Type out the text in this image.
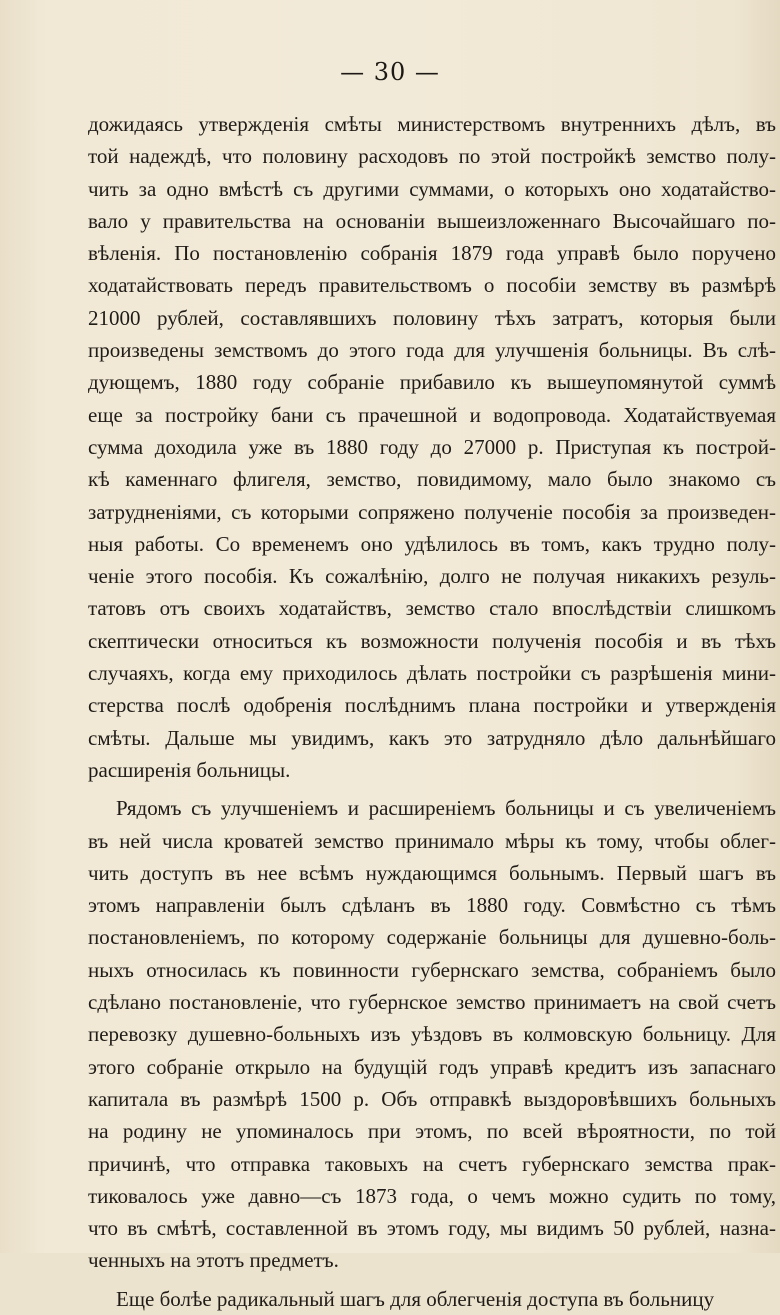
— 30 —
дожидаясь утвержденія смѣты министерствомъ внутреннихъ дѣлъ, въ
той надеждѣ, что половину расходовъ по этой постройкѣ земство полу-
чить за одно вмѣстѣ съ другими суммами, о которыхъ оно ходатайство-
вало у правительства на основаніи вышеизложеннаго Высочайшаго по-
вѣленія. По постановленію собранія 1879 года управѣ было поручено
ходатайствовать передъ правительствомъ о пособіи земству въ размѣрѣ
21000 рублей, составлявшихъ половину тѣхъ затратъ, которыя были
произведены земствомъ до этого года для улучшенія больницы. Въ слѣ-
дующемъ, 1880 году собраніе прибавило къ вышеупомянутой суммѣ
еще за постройку бани съ прачешной и водопровода. Ходатайствуемая
сумма доходила уже въ 1880 году до 27000 р. Приступая къ построй-
кѣ каменнаго флигеля, земство, повидимому, мало было знакомо съ
затрудненіями, съ которыми сопряжено полученіе пособія за произведен-
ныя работы. Со временемъ оно удѣлилось въ томъ, какъ трудно полу-
ченіе этого пособія. Къ сожалѣнію, долго не получая никакихъ резуль-
татовъ отъ своихъ ходатайствъ, земство стало впослѣдствіи слишкомъ
скептически относиться къ возможности полученія пособія и въ тѣхъ
случаяхъ, когда ему приходилось дѣлать постройки съ разрѣшенія мини-
стерства послѣ одобренія послѣднимъ плана постройки и утвержденія
смѣты. Дальше мы увидимъ, какъ это затрудняло дѣло дальнѣйшаго
расширенія больницы.
Рядомъ съ улучшеніемъ и расширеніемъ больницы и съ увеличеніемъ
въ ней числа кроватей земство принимало мѣры къ тому, чтобы облег-
чить доступъ въ нее всѣмъ нуждающимся больнымъ. Первый шагъ въ
этомъ направленіи былъ сдѣланъ въ 1880 году. Совмѣстно съ тѣмъ
постановленіемъ, по которому содержаніе больницы для душевно-боль-
ныхъ относилась къ повинности губернскаго земства, собраніемъ было
сдѣлано постановленіе, что губернское земство принимаетъ на свой счетъ
перевозку душевно-больныхъ изъ уѣздовъ въ колмовскую больницу. Для
этого собраніе открыло на будущій годъ управѣ кредитъ изъ запаснаго
капитала въ размѣрѣ 1500 р. Объ отправкѣ выздоровѣвшихъ больныхъ
на родину не упоминалось при этомъ, по всей вѣроятности, по той
причинѣ, что отправка таковыхъ на счетъ губернскаго земства прак-
тиковалось уже давно—съ 1873 года, о чемъ можно судить по тому,
что въ смѣтѣ, составленной въ этомъ году, мы видимъ 50 рублей, назна-
ченныхъ на этотъ предметъ.
Еще болѣе радикальный шагъ для облегченія доступа въ больницу
